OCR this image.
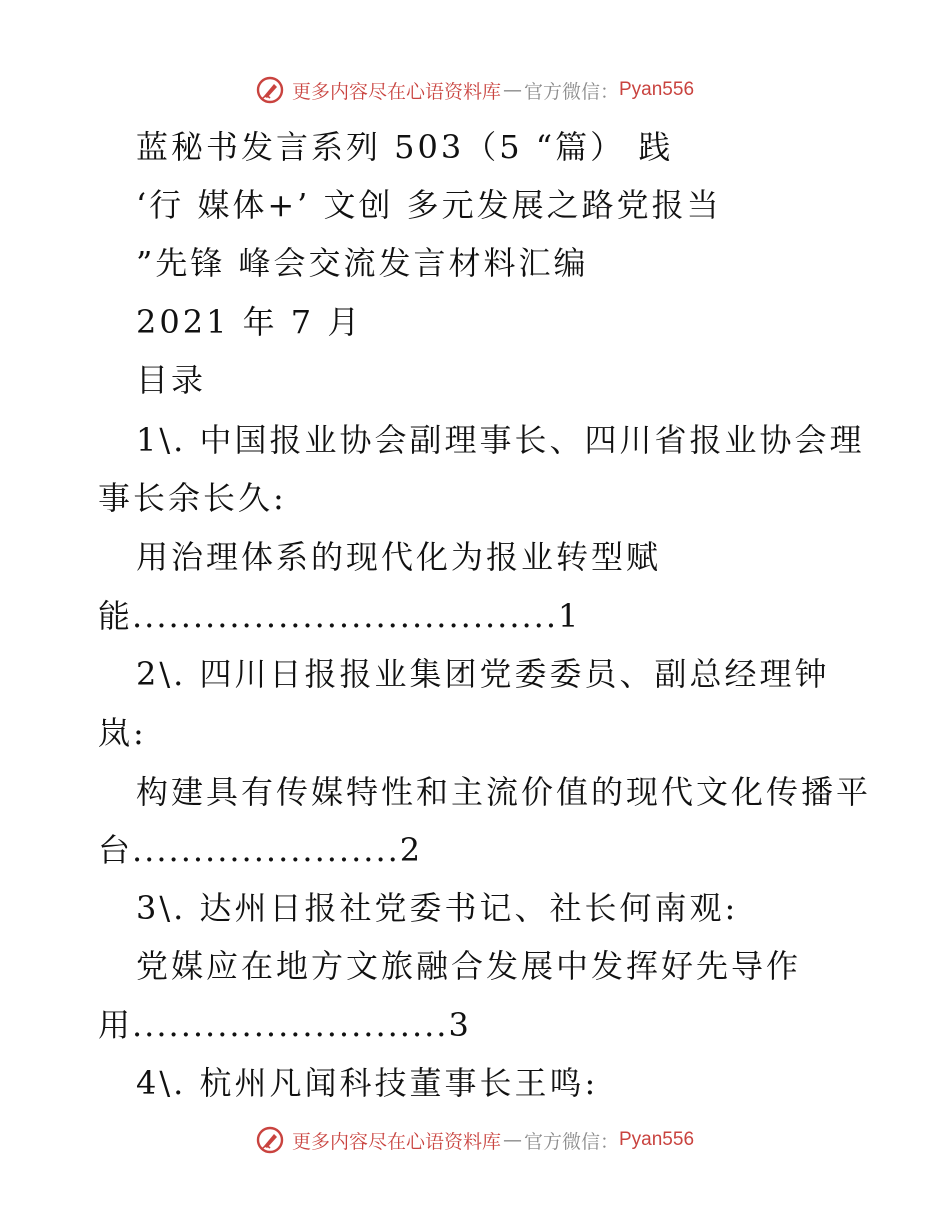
更多内容尽在心语资料库 — 官方微信： Pyan556
蓝秘书发言系列 503（5 “篇） 践
‘行 媒体+’ 文创 多元发展之路党报当
”先锋 峰会交流发言材料汇编
2021 年 7 月
目录
1\. 中国报业协会副理事长、四川省报业协会理
事长余长久:
用治理体系的现代化为报业转型赋
能...................................1
2\. 四川日报报业集团党委委员、副总经理钟
岚:
构建具有传媒特性和主流价值的现代文化传播平
台......................2
3\. 达州日报社党委书记、社长何南观:
党媒应在地方文旅融合发展中发挥好先导作
用..........................3
4\. 杭州凡闻科技董事长王鸣:
更多内容尽在心语资料库 — 官方微信： Pyan556
